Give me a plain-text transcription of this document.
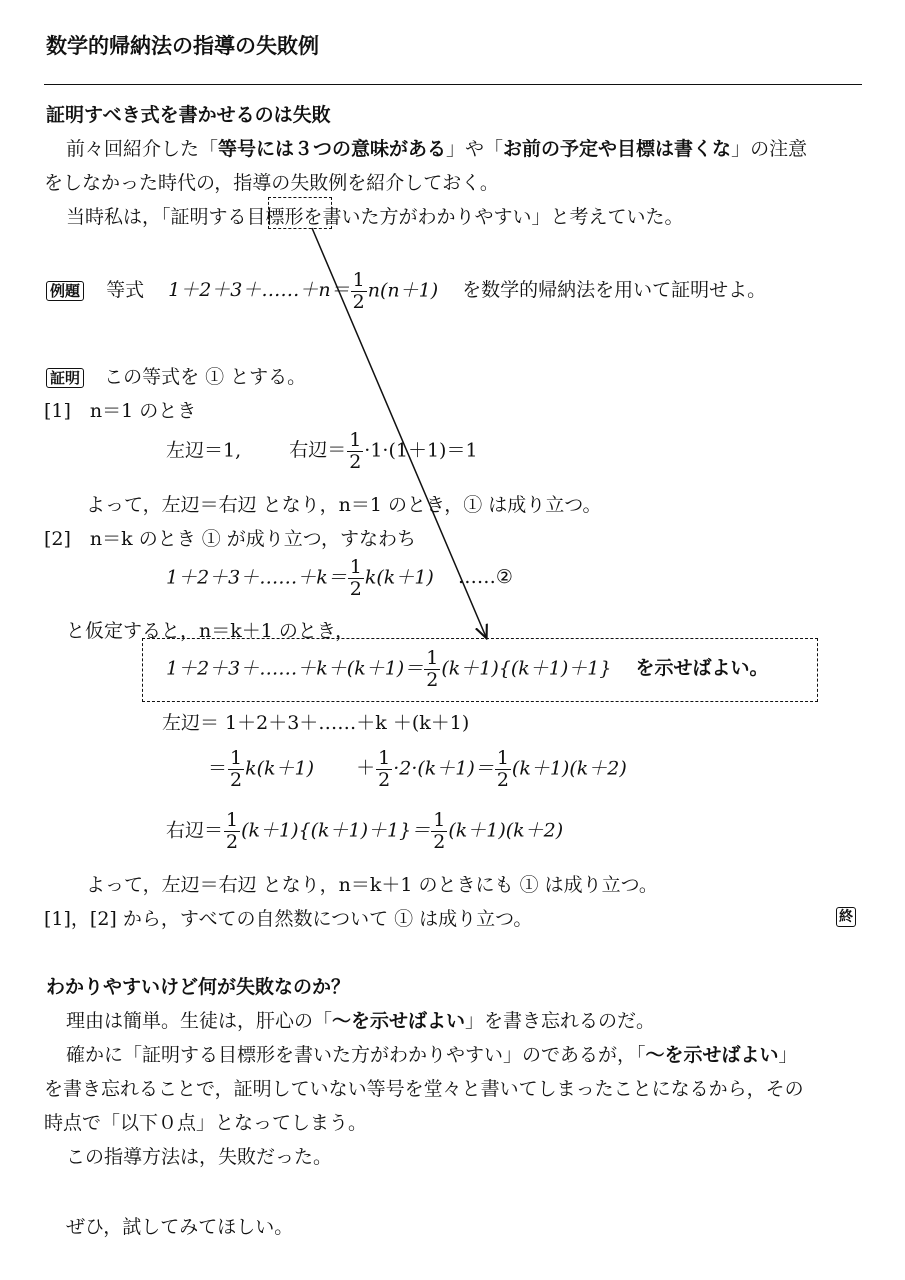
数学的帰納法の指導の失敗例
証明すべき式を書かせるのは失敗
前々回紹介した「等号には３つの意味がある」や「お前の予定や目標は書くな」の注意
をしなかった時代の，指導の失敗例を紹介しておく。
当時私は，「証明する目標形を書いた方がわかりやすい」と考えていた。
例題 等式 1＋2＋3＋……＋n＝ $\frac{1}{2} n(n+1)$ を数学的帰納法を用いて証明せよ。
証明 この等式を ① とする。
[1]　n＝1 のとき
左辺＝1,	右辺＝ $\frac{1}{2} \cdot 1\cdot(1+1)=1$
よって，左辺＝右辺 となり，n＝1 のとき，① は成り立つ。
[2]　n＝k のとき ① が成り立つ，すなわち
1＋2＋3＋……＋k＝ $\frac{1}{2} k(k+1)$ ……②
と仮定すると，n＝k＋1 のとき，
1＋2＋3＋……＋k＋(k＋1)＝ $\frac{1}{2} (k+1)\{(k+1)+1\}$ を示せばよい。
左辺＝ 1＋2＋3＋……＋k ＋(k＋1)
＝ $\frac{1}{2} k(k+1) + \frac{1}{2} \cdot 2\cdot(k+1)= \frac{1}{2} (k+1)(k+2)$
右辺＝ $\frac{1}{2} (k+1)\{(k+1)+1\}= \frac{1}{2} (k+1)(k+2)$
よって，左辺＝右辺 となり，n＝k＋1 のときにも ① は成り立つ。
[1]，[2] から，すべての自然数について ① は成り立つ。	終
わかりやすいけど何が失敗なのか？
理由は簡単。生徒は，肝心の「〜を示せばよい」を書き忘れるのだ。
確かに「証明する目標形を書いた方がわかりやすい」のであるが，「〜を示せばよい」
を書き忘れることで，証明していない等号を堂々と書いてしまったことになるから，その
時点で「以下０点」となってしまう。
この指導方法は，失敗だった。
ぜひ，試してみてほしい。
